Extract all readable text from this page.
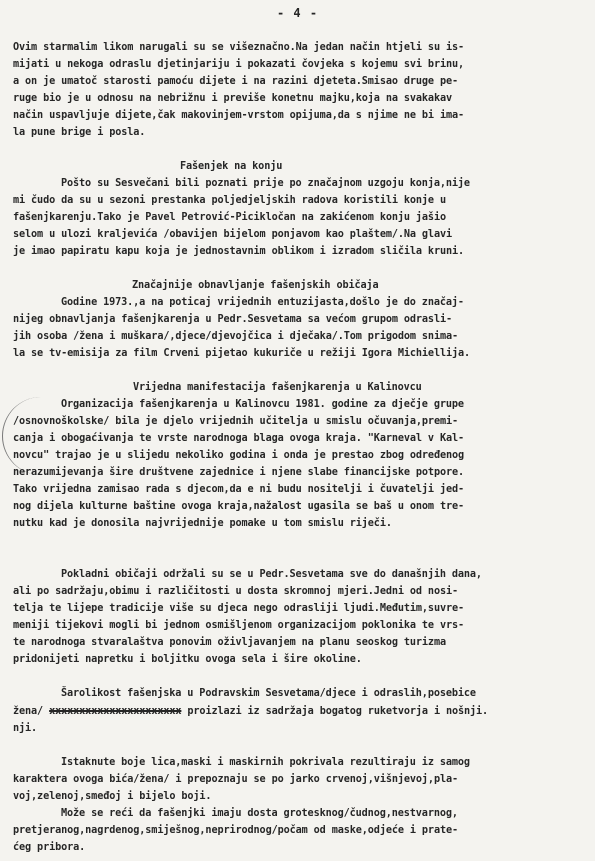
- 4 -
Ovim starmalim likom narugali su se višeznačno.Na jedan način htjeli su is-
mijati u nekoga odraslu djetinjariju i pokazati čovjeka s kojemu svi brinu,
a on je umatoč starosti pamoću dijete i na razini djeteta.Smisao druge pe-
ruge bio je u odnosu na nebrižnu i previše konetnu majku,koja na svakakav
način uspavljuje dijete,čak makovinjem-vrstom opijuma,da s njime ne bi ima-
la pune brige i posla.
Fašenjek na konju
Pošto su Sesvečani bili poznati prije po značajnom uzgoju konja,nije
mi čudo da su u sezoni prestanka poljedjeljskih radova koristili konje u
fašenjkarenju.Tako je Pavel Petrović-Picikločan na zakićenom konju jašio
selom u ulozi kraljevića /obavijen bijelom ponjavom kao plaštem/.Na glavi
je imao papiratu kapu koja je jednostavnim oblikom i izradom sličila kruni.
Značajnije obnavljanje fašenjskih običaja
Godine 1973.,a na poticaj vrijednih entuzijasta,došlo je do značaj-
nijeg obnavljanja fašenjkarenja u Pedr.Sesvetama sa većom grupom odrasli-
jih osoba /žena i muškara/,djece/djevojčica i dječaka/.Tom prigodom snima-
la se tv-emisija za film Crveni pijetao kukuriče u režiji Igora Michiellija.
Vrijedna manifestacija fašenjkarenja u Kalinovcu
Organizacija fašenjkarenja u Kalinovcu 1981. godine za dječje grupe
/osnovnoškolske/ bila je djelo vrijednih učitelja u smislu očuvanja,premi-
canja i obogaćivanja te vrste narodnoga blaga ovoga kraja. "Karneval v Kal-
novcu" trajao je u slijedu nekoliko godina i onda je prestao zbog određenog
nerazumijevanja šire društvene zajednice i njene slabe financijske potpore.
Tako vrijedna zamisao rada s djecom,da e ni budu nositelji i čuvatelji jed-
nog dijela kulturne baštine ovoga kraja,nažalost ugasila se baš u onom tre-
nutku kad je donosila najvrijednije pomake u tom smislu riječi.
Pokladni običaji održali su se u Pedr.Sesvetama sve do današnjih dana,
ali po sadržaju,obimu i različitosti u dosta skromnoj mjeri.Jedni od nosi-
telja te lijepe tradicije više su djeca nego odrasliji ljudi.Međutim,suvre-
meniji tijekovi mogli bi jednom osmišljenom organizacijom poklonika te vrs-
te narodnoga stvaralaštva ponovim oživljavanjem na planu seoskog turizma
pridonijeti napretku i boljitku ovoga sela i šire okoline.
Šarolikost fašenjska u Podravskim Sesvetama/djece i odraslih,posebice
žena/ xxxxxxxxxxxxxxxxxxxxxx proizlazi iz sadržaja bogatog ruketvorja i nošnji.
nji.
Istaknute boje lica,maski i maskirnih pokrivala rezultiraju iz samog
karaktera ovoga bića/žena/ i prepoznaju se po jarko crvenoj,višnjevoj,pla-
voj,zelenoj,smeđoj i bijelo boji.
Može se reći da fašenjki imaju dosta grotesknog/čudnog,nestvarnog,
pretjeranog,nagrdenog,smiješnog,neprirodnog/počam od maske,odjeće i prate-
ćeg pribora.
